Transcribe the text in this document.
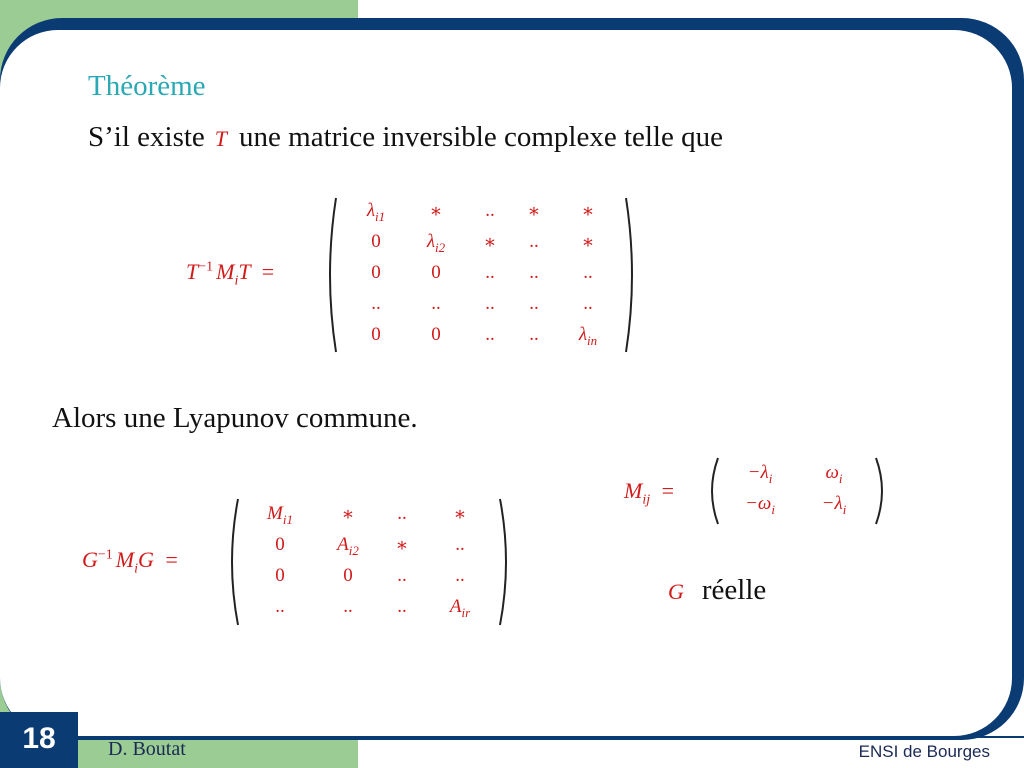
18
Théorème
S’il existe T une matrice inversible complexe telle que
$T^{-1}$ $M_iT$ =
$\lambda_{i1}$	∗	..	∗	∗
0	$\lambda_{i2}$	∗	..	∗
0	0	..	..	..
..	..	..	..	..
0	0	..	..	$\lambda_{in}$
$M_{ij}$ =
$-\lambda_i$	$\omega_i$
$-\omega_i$	$-\lambda_i$
$G^{-1}$ $M_iG$ =
$M_{i1}$	∗	..	∗
0	$A_{i2}$	∗	..
0	0	..	..
..	..	..	$A_{ir}$
Alors une Lyapunov commune.
G réelle
D. Boutat	ENSI de Bourges
